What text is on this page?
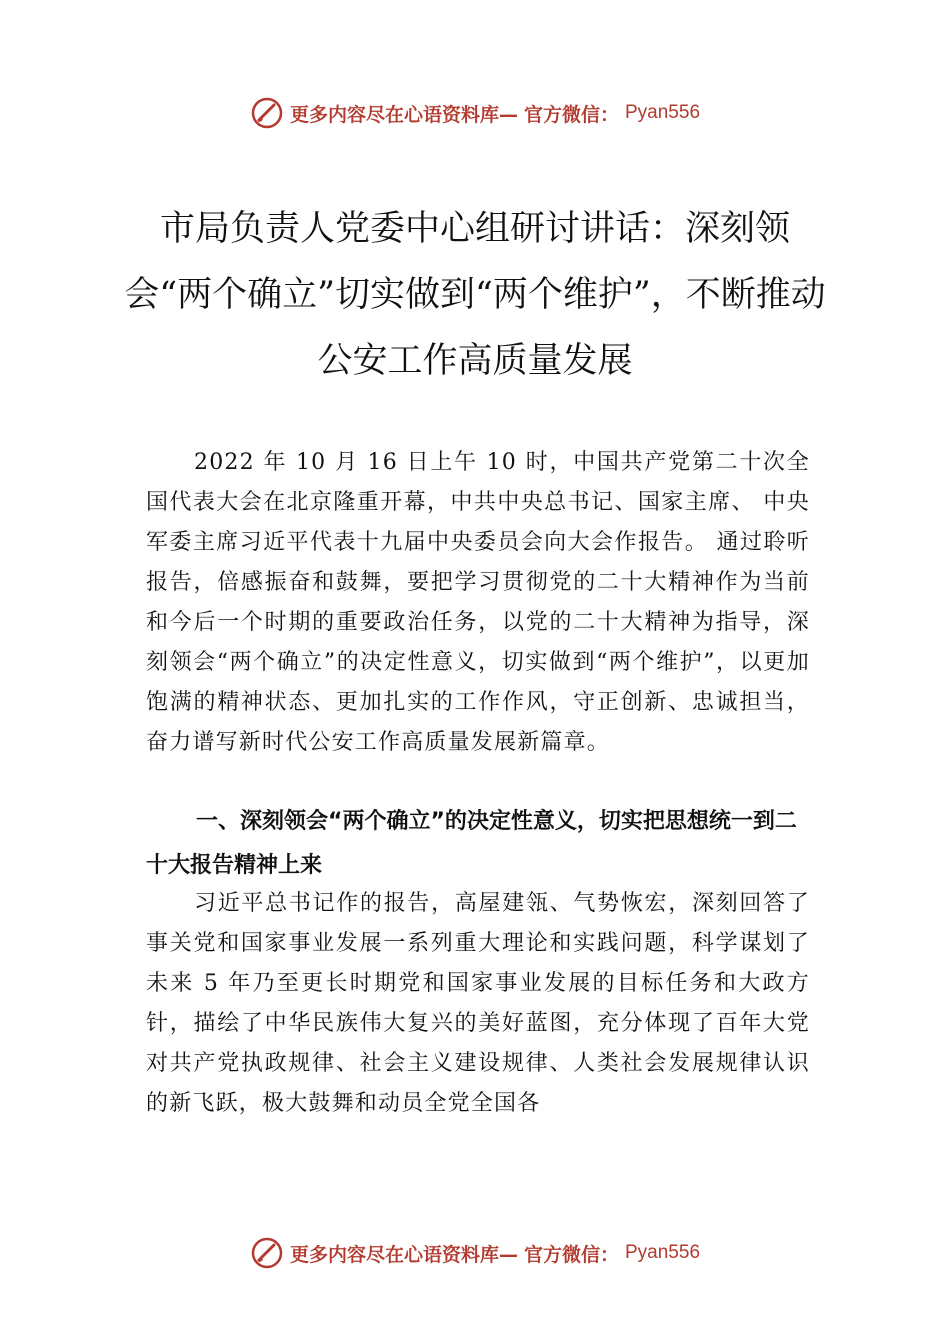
更多内容尽在心语资料库— 官方微信： Pyan556
市局负责人党委中心组研讨讲话：深刻领会“两个确立”切实做到“两个维护”，不断推动公安工作高质量发展

2022 年 10 月 16 日上午 10 时，中国共产党第二十次全国代表大会在北京隆重开幕，中共中央总书记、国家主席、 中央军委主席习近平代表十九届中央委员会向大会作报告。 通过聆听报告，倍感振奋和鼓舞，要把学习贯彻党的二十大精神作为当前和今后一个时期的重要政治任务，以党的二十大精神为指导，深刻领会“两个确立”的决定性意义，切实做到“两个维护”，以更加饱满的精神状态、更加扎实的工作作风，守正创新、忠诚担当，奋力谱写新时代公安工作高质量发展新篇章。

一、深刻领会“两个确立”的决定性意义，切实把思想统一到二十大报告精神上来

习近平总书记作的报告，高屋建瓴、气势恢宏，深刻回答了事关党和国家事业发展一系列重大理论和实践问题，科学谋划了未来 5 年乃至更长时期党和国家事业发展的目标任务和大政方针，描绘了中华民族伟大复兴的美好蓝图，充分体现了百年大党对共产党执政规律、社会主义建设规律、人类社会发展规律认识的新飞跃，极大鼓舞和动员全党全国各

更多内容尽在心语资料库— 官方微信： Pyan556
